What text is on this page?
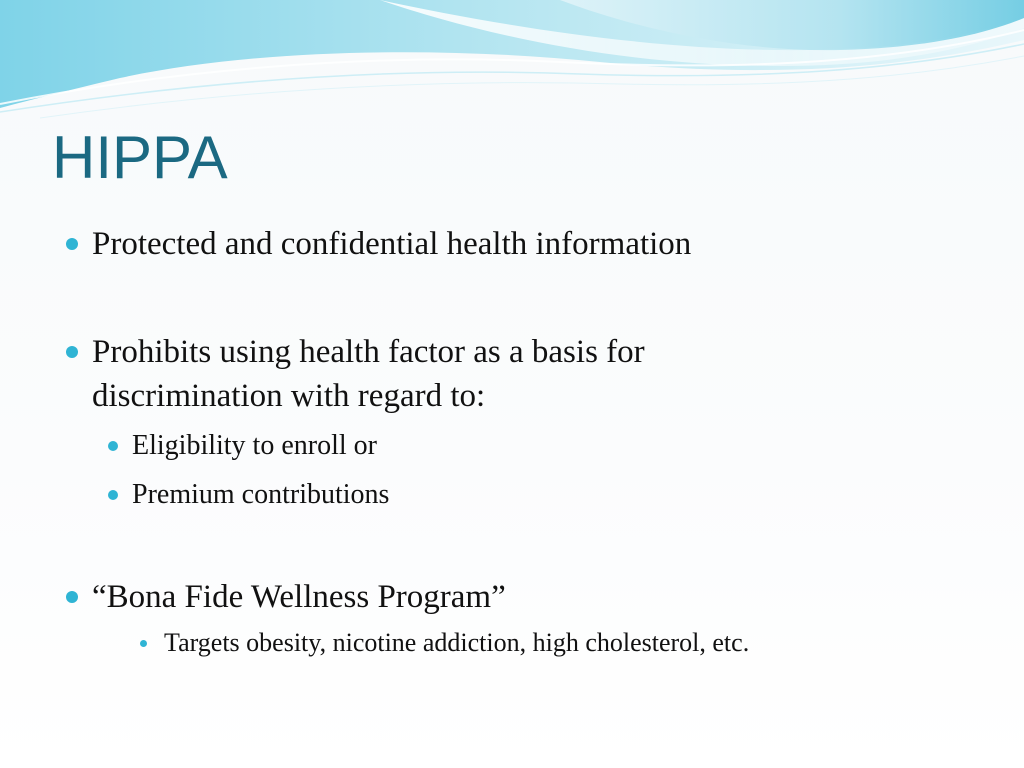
HIPPA
Protected and confidential health information
Prohibits using health factor as a basis for
discrimination with regard to:
Eligibility to enroll or
Premium contributions
“Bona Fide Wellness Program”
Targets obesity, nicotine addiction, high cholesterol, etc.
